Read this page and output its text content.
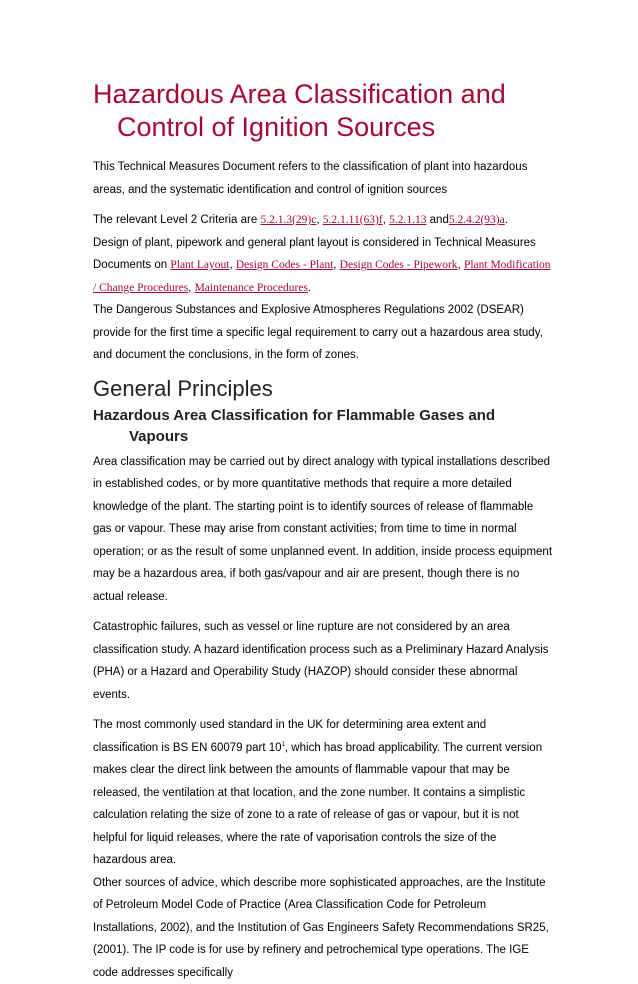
Hazardous Area Classification and
Control of Ignition Sources

This Technical Measures Document refers to the classification of plant into hazardous areas, and the systematic identification and control of ignition sources

The relevant Level 2 Criteria are 5.2.1.3(29)c, 5.2.1.11(63)f, 5.2.1.13 and5.2.4.2(93)a.

Design of plant, pipework and general plant layout is considered in Technical Measures Documents on Plant Layout, Design Codes - Plant, Design Codes - Pipework, Plant Modification / Change Procedures, Maintenance Procedures.

The Dangerous Substances and Explosive Atmospheres Regulations 2002 (DSEAR) provide for the first time a specific legal requirement to carry out a hazardous area study, and document the conclusions, in the form of zones.

General Principles
Hazardous Area Classification for Flammable Gases and
Vapours

Area classification may be carried out by direct analogy with typical installations described in established codes, or by more quantitative methods that require a more detailed knowledge of the plant. The starting point is to identify sources of release of flammable gas or vapour. These may arise from constant activities; from time to time in normal operation; or as the result of some unplanned event. In addition, inside process equipment may be a hazardous area, if both gas/vapour and air are present, though there is no actual release.

Catastrophic failures, such as vessel or line rupture are not considered by an area classification study. A hazard identification process such as a Preliminary Hazard Analysis (PHA) or a Hazard and Operability Study (HAZOP) should consider these abnormal events.

The most commonly used standard in the UK for determining area extent and classification is BS EN 60079 part $10^1$, which has broad applicability. The current version makes clear the direct link between the amounts of flammable vapour that may be released, the ventilation at that location, and the zone number. It contains a simplistic calculation relating the size of zone to a rate of release of gas or vapour, but it is not helpful for liquid releases, where the rate of vaporisation controls the size of the hazardous area.

Other sources of advice, which describe more sophisticated approaches, are the Institute of Petroleum Model Code of Practice (Area Classification Code for Petroleum Installations, 2002), and the Institution of Gas Engineers Safety Recommendations SR25, (2001). The IP code is for use by refinery and petrochemical type operations. The IGE code addresses specifically
